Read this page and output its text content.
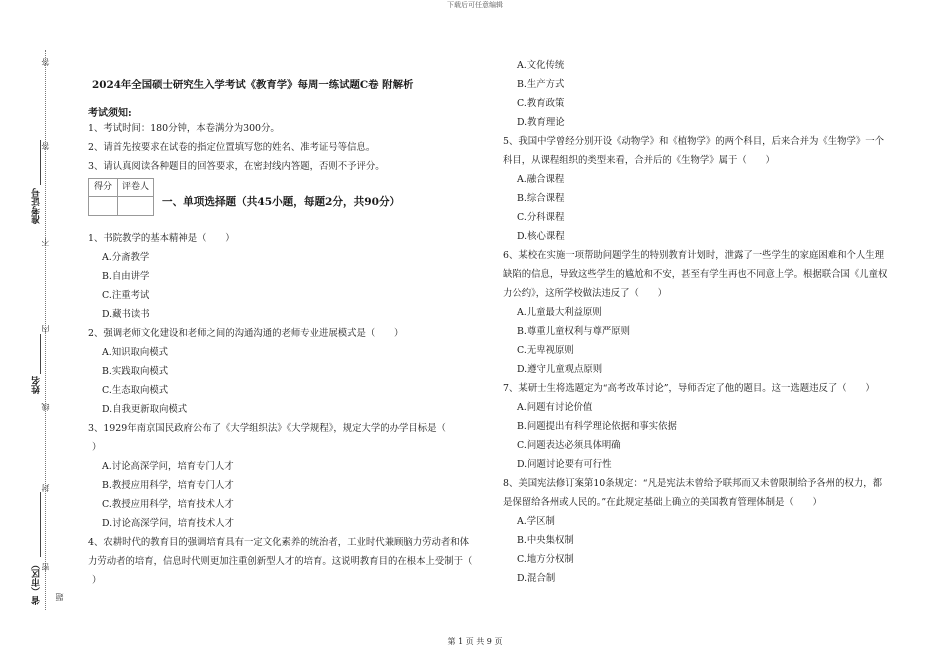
下载后可任意编辑
第 1 页 共 9 页
答
答
不
内
线
封
密
准考证号
姓名
省（市区） 题
2024年全国硕士研究生入学考试《教育学》每周一练试题C卷 附解析
考试须知:
1、考试时间：180分钟，本卷满分为300分。
2、请首先按要求在试卷的指定位置填写您的姓名、准考证号等信息。
3、请认真阅读各种题目的回答要求，在密封线内答题，否则不予评分。
得分	评卷人
一、单项选择题（共45小题，每题2分，共90分）
1、书院教学的基本精神是（　　）
A.分斋教学
B.自由讲学
C.注重考试
D.藏书读书
2、强调老师文化建设和老师之间的沟通沟通的老师专业进展模式是（　　）
A.知识取向模式
B.实践取向模式
C.生态取向模式
D.自我更新取向模式
3、1929年南京国民政府公布了《大学组织法》《大学规程》，规定大学的办学目标是（
）
A.讨论高深学问，培育专门人才
B.教授应用科学，培育专门人才
C.教授应用科学，培育技术人才
D.讨论高深学问，培育技术人才
4、农耕时代的教育目的强调培育具有一定文化素养的统治者，工业时代兼顾脑力劳动者和体
力劳动者的培育，信息时代则更加注重创新型人才的培育。这说明教育目的在根本上受制于（
）
A.文化传统
B.生产方式
C.教育政策
D.教育理论
5、我国中学曾经分别开设《动物学》和《植物学》的两个科目，后来合并为《生物学》一个
科目，从课程组织的类型来看，合并后的《生物学》属于（　　）
A.融合课程
B.综合课程
C.分科课程
D.核心课程
6、某校在实施一项帮助问题学生的特别教育计划时，泄露了一些学生的家庭困难和个人生理
缺陷的信息，导致这些学生的尴尬和不安，甚至有学生再也不同意上学。根据联合国《儿童权
力公约》，这所学校做法违反了（　　）
A.儿童最大利益原则
B.尊重儿童权利与尊严原则
C.无卑视原则
D.遵守儿童观点原则
7、某研士生将选题定为“高考改革讨论”，导师否定了他的题目。这一选题违反了（　　）
A.问题有讨论价值
B.问题提出有科学理论依据和事实依据
C.问题表达必须具体明确
D.问题讨论要有可行性
8、美国宪法修订案第10条规定：“凡是宪法未曾给予联邦而又未曾限制给予各州的权力，都
是保留给各州或人民的。”在此规定基础上确立的美国教育管理体制是（　　）
A.学区制
B.中央集权制
C.地方分权制
D.混合制
